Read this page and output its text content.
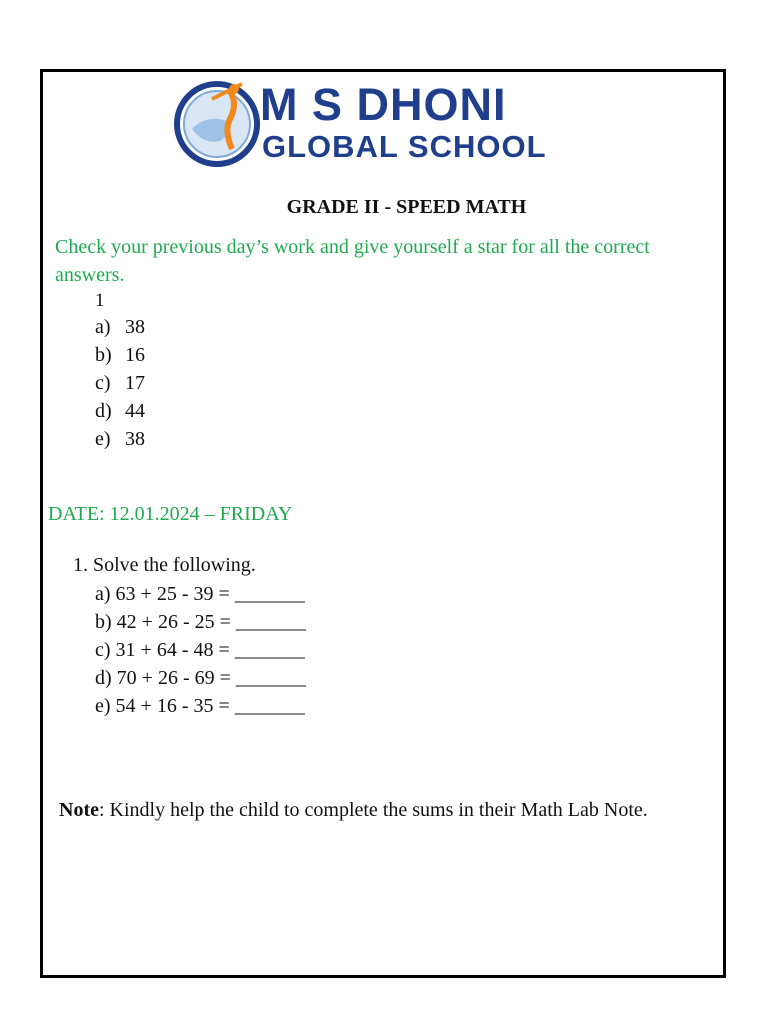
M S DHONI
GLOBAL SCHOOL
GRADE II - SPEED MATH
Check your previous day’s work and give yourself a star for all the correct answers.
1
a) 38
b) 16
c) 17
d) 44
e) 38
DATE: 12.01.2024 – FRIDAY
1. Solve the following.
a) 63 + 25 - 39 = _______
b) 42 + 26 - 25 = _______
c) 31 + 64 - 48 = _______
d) 70 + 26 - 69 = _______
e) 54 + 16 - 35 = _______
Note: Kindly help the child to complete the sums in their Math Lab Note.
